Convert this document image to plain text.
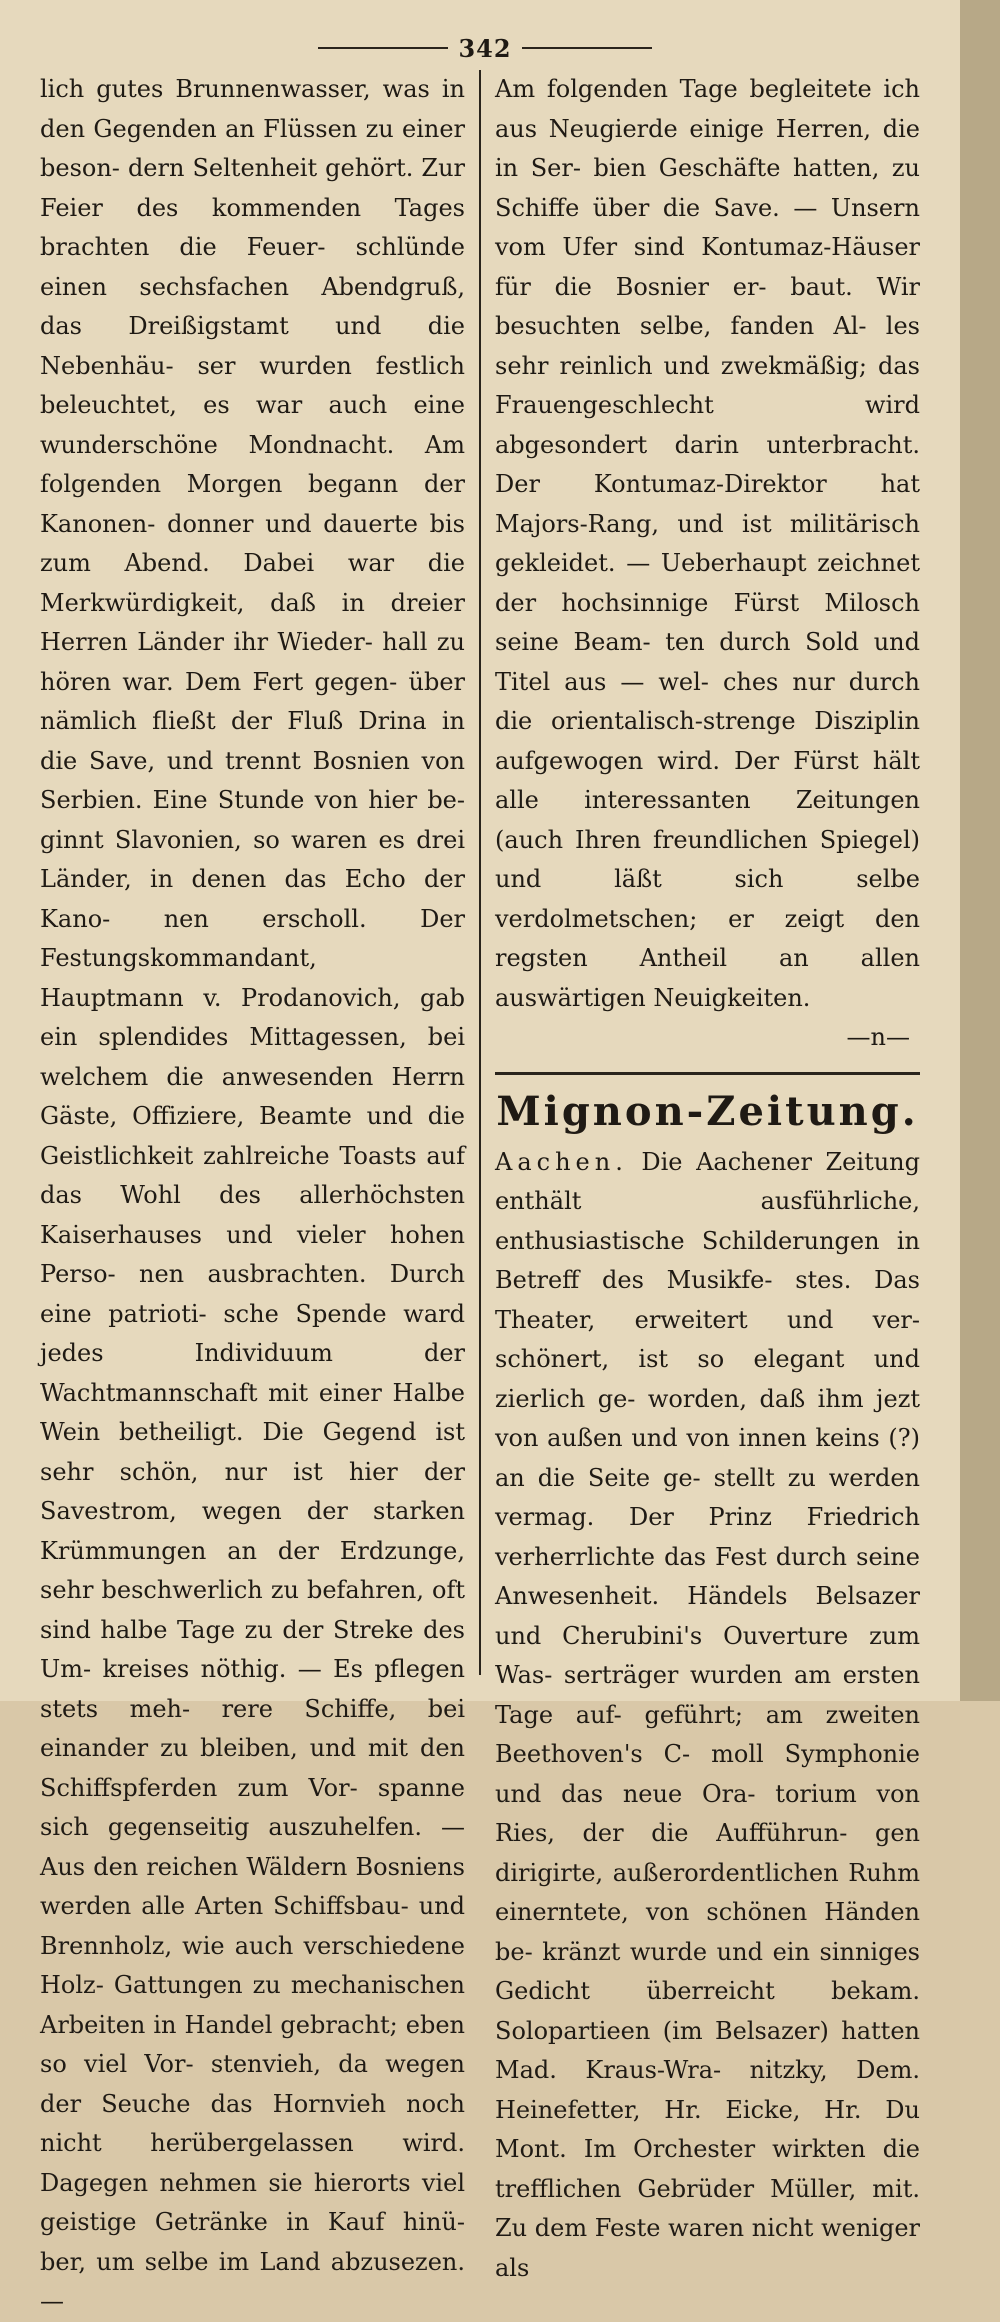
342

lich gutes Brunnenwasser, was in den Gegenden an Flüssen zu einer beson- dern Seltenheit gehört. Zur Feier des kommenden Tages brachten die Feuer- schlünde einen sechsfachen Abendgruß, das Dreißigstamt und die Nebenhäu- ser wurden festlich beleuchtet, es war auch eine wunderschöne Mondnacht. Am folgenden Morgen begann der Kanonen- donner und dauerte bis zum Abend. Dabei war die Merkwürdigkeit, daß in dreier Herren Länder ihr Wieder- hall zu hören war. Dem Fert gegen- über nämlich fließt der Fluß Drina in die Save, und trennt Bosnien von Serbien. Eine Stunde von hier be- ginnt Slavonien, so waren es drei Länder, in denen das Echo der Kano- nen erscholl. Der Festungskommandant, Hauptmann v. Prodanovich, gab ein splendides Mittagessen, bei welchem die anwesenden Herrn Gäste, Offiziere, Beamte und die Geistlichkeit zahlreiche Toasts auf das Wohl des allerhöchsten Kaiserhauses und vieler hohen Perso- nen ausbrachten. Durch eine patrioti- sche Spende ward jedes Individuum der Wachtmannschaft mit einer Halbe Wein betheiligt. Die Gegend ist sehr schön, nur ist hier der Savestrom, wegen der starken Krümmungen an der Erdzunge, sehr beschwerlich zu befahren, oft sind halbe Tage zu der Streke des Um- kreises nöthig. — Es pflegen stets meh- rere Schiffe, bei einander zu bleiben, und mit den Schiffspferden zum Vor- spanne sich gegenseitig auszuhelfen. — Aus den reichen Wäldern Bosniens werden alle Arten Schiffsbau- und Brennholz, wie auch verschiedene Holz- Gattungen zu mechanischen Arbeiten in Handel gebracht; eben so viel Vor- stenvieh, da wegen der Seuche das Hornvieh noch nicht herübergelassen wird. Dagegen nehmen sie hierorts viel geistige Getränke in Kauf hinü- ber, um selbe im Land abzusezen. —

Am folgenden Tage begleitete ich aus Neugierde einige Herren, die in Ser- bien Geschäfte hatten, zu Schiffe über die Save. — Unsern vom Ufer sind Kontumaz-Häuser für die Bosnier er- baut. Wir besuchten selbe, fanden Al- les sehr reinlich und zwekmäßig; das Frauengeschlecht wird abgesondert darin unterbracht. Der Kontumaz-Direktor hat Majors-Rang, und ist militärisch gekleidet. — Ueberhaupt zeichnet der hochsinnige Fürst Milosch seine Beam- ten durch Sold und Titel aus — wel- ches nur durch die orientalisch-strenge Disziplin aufgewogen wird. Der Fürst hält alle interessanten Zeitungen (auch Ihren freundlichen Spiegel) und läßt sich selbe verdolmetschen; er zeigt den regsten Antheil an allen auswärtigen Neuigkeiten.

—n—
Mignon-Zeitung.

Aachen. Die Aachener Zeitung enthält ausführliche, enthusiastische Schilderungen in Betreff des Musikfe- stes. Das Theater, erweitert und ver- schönert, ist so elegant und zierlich ge- worden, daß ihm jezt von außen und von innen keins (?) an die Seite ge- stellt zu werden vermag. Der Prinz Friedrich verherrlichte das Fest durch seine Anwesenheit. Händels Belsazer und Cherubini's Ouverture zum Was- serträger wurden am ersten Tage auf- geführt; am zweiten Beethoven's C- moll Symphonie und das neue Ora- torium von Ries, der die Aufführun- gen dirigirte, außerordentlichen Ruhm einerntete, von schönen Händen be- kränzt wurde und ein sinniges Gedicht überreicht bekam. Solopartieen (im Belsazer) hatten Mad. Kraus-Wra- nitzky, Dem. Heinefetter, Hr. Eicke, Hr. Du Mont. Im Orchester wirkten die trefflichen Gebrüder Müller, mit. Zu dem Feste waren nicht weniger als
